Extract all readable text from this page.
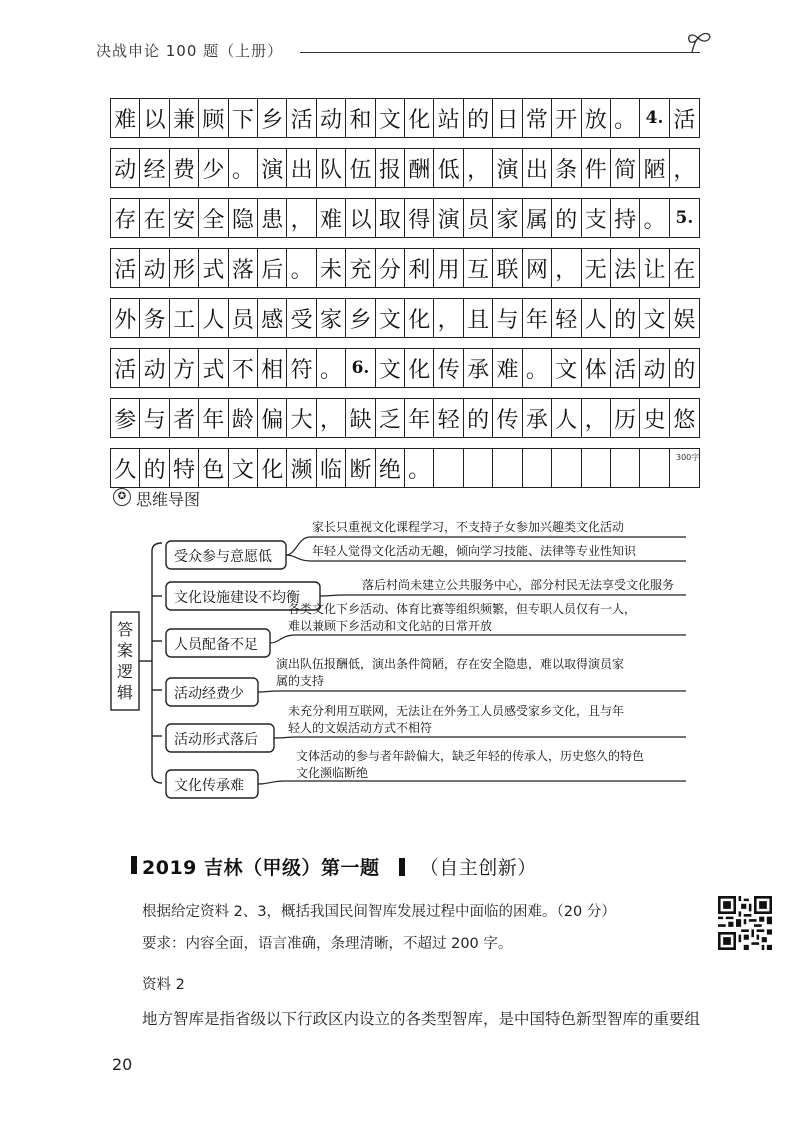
决战申论 100 题（上册）
难 以 兼 顾 下 乡 活 动 和 文 化 站 的 日 常 开 放 。 4. 活
动 经 费 少 。 演 出 队 伍 报 酬 低 ， 演 出 条 件 简 陋 ，
存 在 安 全 隐 患 ， 难 以 取 得 演 员 家 属 的 支 持 。 5.
活 动 形 式 落 后 。 未 充 分 利 用 互 联 网 ， 无 法 让 在
外 务 工 人 员 感 受 家 乡 文 化 ， 且 与 年 轻 人 的 文 娱
活 动 方 式 不 相 符 。 6. 文 化 传 承 难 。 文 体 活 动 的
参 与 者 年 龄 偏 大 ， 缺 乏 年 轻 的 传 承 人 ， 历 史 悠
久 的 特 色 文 化 濒 临 断 绝 。	300字
✪ 思维导图
答案逻辑
受众参与意愿低
文化设施建设不均衡
人员配备不足
活动经费少
活动形式落后
文化传承难
家长只重视文化课程学习，不支持子女参加兴趣类文化活动
年轻人觉得文化活动无趣，倾向学习技能、法律等专业性知识
落后村尚未建立公共服务中心，部分村民无法享受文化服务
各类文化下乡活动、体育比赛等组织频繁，但专职人员仅有一人，
难以兼顾下乡活动和文化站的日常开放
演出队伍报酬低，演出条件简陋，存在安全隐患，难以取得演员家
属的支持
未充分利用互联网，无法让在外务工人员感受家乡文化，且与年
轻人的文娱活动方式不相符
文体活动的参与者年龄偏大，缺乏年轻的传承人，历史悠久的特色
文化濒临断绝
2019 吉林（甲级）第一题 （自主创新）
根据给定资料 2、3，概括我国民间智库发展过程中面临的困难。（20 分）
要求：内容全面，语言准确，条理清晰，不超过 200 字。
资料 2
地方智库是指省级以下行政区内设立的各类型智库，是中国特色新型智库的重要组
20
